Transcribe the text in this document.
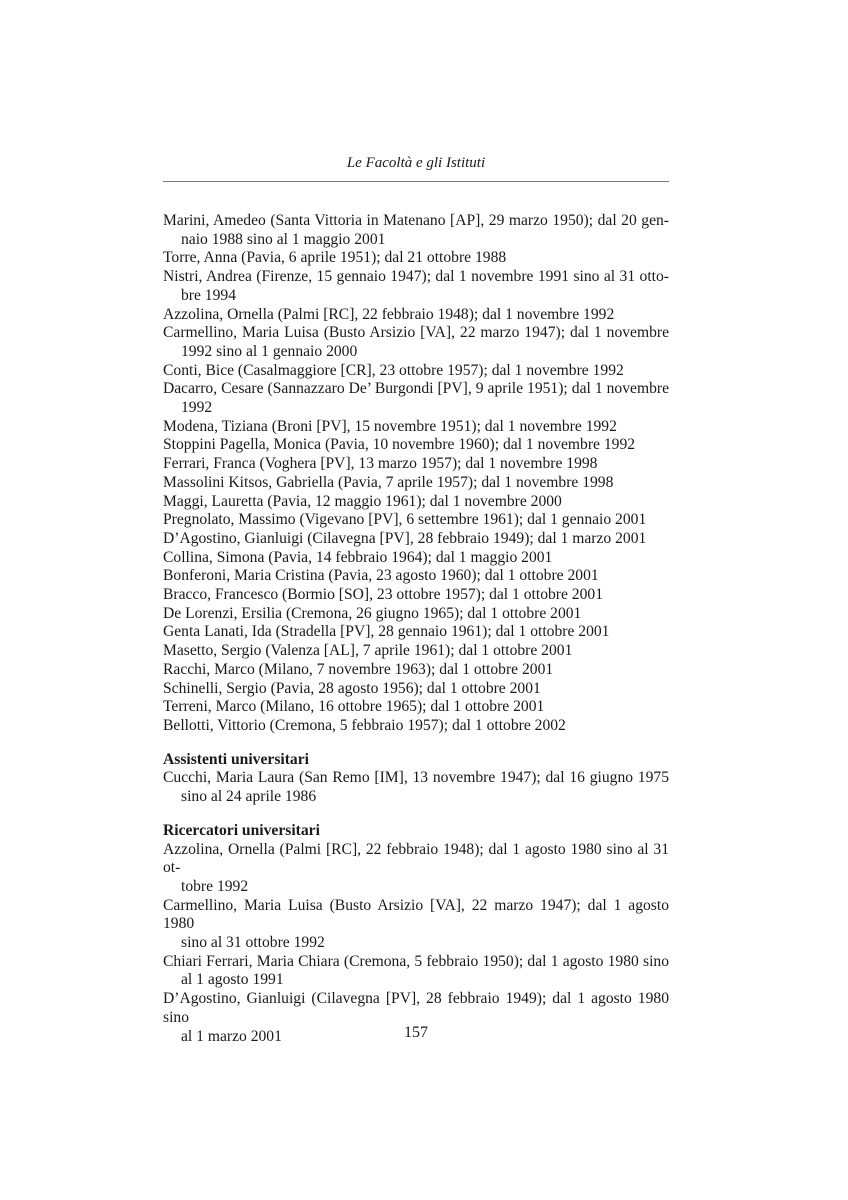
Le Facoltà e gli Istituti
Marini, Amedeo (Santa Vittoria in Matenano [AP], 29 marzo 1950); dal 20 gen-
naio 1988 sino al 1 maggio 2001
Torre, Anna (Pavia, 6 aprile 1951); dal 21 ottobre 1988
Nistri, Andrea (Firenze, 15 gennaio 1947); dal 1 novembre 1991 sino al 31 otto-
bre 1994
Azzolina, Ornella (Palmi [RC], 22 febbraio 1948); dal 1 novembre 1992
Carmellino, Maria Luisa (Busto Arsizio [VA], 22 marzo 1947); dal 1 novembre
1992 sino al 1 gennaio 2000
Conti, Bice (Casalmaggiore [CR], 23 ottobre 1957); dal 1 novembre 1992
Dacarro, Cesare (Sannazzaro De’ Burgondi [PV], 9 aprile 1951); dal 1 novembre
1992
Modena, Tiziana (Broni [PV], 15 novembre 1951); dal 1 novembre 1992
Stoppini Pagella, Monica (Pavia, 10 novembre 1960); dal 1 novembre 1992
Ferrari, Franca (Voghera [PV], 13 marzo 1957); dal 1 novembre 1998
Massolini Kitsos, Gabriella (Pavia, 7 aprile 1957); dal 1 novembre 1998
Maggi, Lauretta (Pavia, 12 maggio 1961); dal 1 novembre 2000
Pregnolato, Massimo (Vigevano [PV], 6 settembre 1961); dal 1 gennaio 2001
D’Agostino, Gianluigi (Cilavegna [PV], 28 febbraio 1949); dal 1 marzo 2001
Collina, Simona (Pavia, 14 febbraio 1964); dal 1 maggio 2001
Bonferoni, Maria Cristina (Pavia, 23 agosto 1960); dal 1 ottobre 2001
Bracco, Francesco (Bormio [SO], 23 ottobre 1957); dal 1 ottobre 2001
De Lorenzi, Ersilia (Cremona, 26 giugno 1965); dal 1 ottobre 2001
Genta Lanati, Ida (Stradella [PV], 28 gennaio 1961); dal 1 ottobre 2001
Masetto, Sergio (Valenza [AL], 7 aprile 1961); dal 1 ottobre 2001
Racchi, Marco (Milano, 7 novembre 1963); dal 1 ottobre 2001
Schinelli, Sergio (Pavia, 28 agosto 1956); dal 1 ottobre 2001
Terreni, Marco (Milano, 16 ottobre 1965); dal 1 ottobre 2001
Bellotti, Vittorio (Cremona, 5 febbraio 1957); dal 1 ottobre 2002
Assistenti universitari
Cucchi, Maria Laura (San Remo [IM], 13 novembre 1947); dal 16 giugno 1975
sino al 24 aprile 1986
Ricercatori universitari
Azzolina, Ornella (Palmi [RC], 22 febbraio 1948); dal 1 agosto 1980 sino al 31 ot-
tobre 1992
Carmellino, Maria Luisa (Busto Arsizio [VA], 22 marzo 1947); dal 1 agosto 1980
sino al 31 ottobre 1992
Chiari Ferrari, Maria Chiara (Cremona, 5 febbraio 1950); dal 1 agosto 1980 sino
al 1 agosto 1991
D’Agostino, Gianluigi (Cilavegna [PV], 28 febbraio 1949); dal 1 agosto 1980 sino
al 1 marzo 2001	157
